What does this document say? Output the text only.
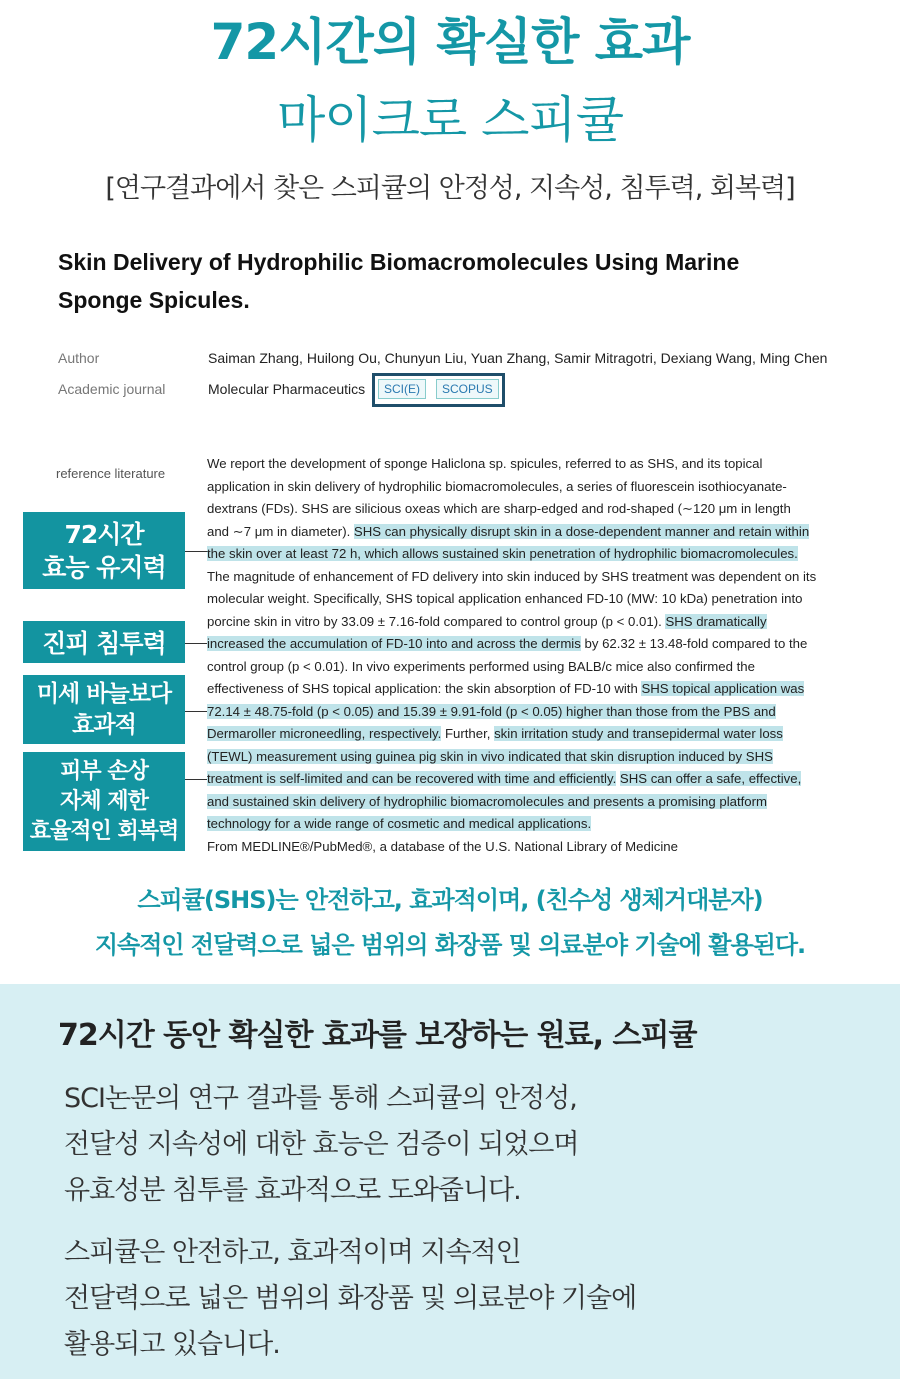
72시간의 확실한 효과
마이크로 스피큘
[연구결과에서 찾은 스피큘의 안정성, 지속성, 침투력, 회복력]
Skin Delivery of Hydrophilic Biomacromolecules Using Marine
Sponge Spicules.
Author	Saiman Zhang, Huilong Ou, Chunyun Liu, Yuan Zhang, Samir Mitragotri, Dexiang Wang, Ming Chen
Academic journal	Molecular Pharmaceutics	SCI(E)	SCOPUS
reference literature
We report the development of sponge Haliclona sp. spicules, referred to as SHS, and its topical
application in skin delivery of hydrophilic biomacromolecules, a series of fluorescein isothiocyanate-
dextrans (FDs). SHS are silicious oxeas which are sharp-edged and rod-shaped (∼120 μm in length
and ∼7 μm in diameter). SHS can physically disrupt skin in a dose-dependent manner and retain within
the skin over at least 72 h, which allows sustained skin penetration of hydrophilic biomacromolecules.
The magnitude of enhancement of FD delivery into skin induced by SHS treatment was dependent on its
molecular weight. Specifically, SHS topical application enhanced FD-10 (MW: 10 kDa) penetration into
porcine skin in vitro by 33.09 ± 7.16-fold compared to control group (p < 0.01). SHS dramatically
increased the accumulation of FD-10 into and across the dermis by 62.32 ± 13.48-fold compared to the
control group (p < 0.01). In vivo experiments performed using BALB/c mice also confirmed the
effectiveness of SHS topical application: the skin absorption of FD-10 with SHS topical application was
72.14 ± 48.75-fold (p < 0.05) and 15.39 ± 9.91-fold (p < 0.05) higher than those from the PBS and
Dermaroller microneedling, respectively. Further, skin irritation study and transepidermal water loss
(TEWL) measurement using guinea pig skin in vivo indicated that skin disruption induced by SHS
treatment is self-limited and can be recovered with time and efficiently. SHS can offer a safe, effective,
and sustained skin delivery of hydrophilic biomacromolecules and presents a promising platform
technology for a wide range of cosmetic and medical applications.
From MEDLINE®/PubMed®, a database of the U.S. National Library of Medicine
72시간
효능 유지력
진피 침투력
미세 바늘보다
효과적
피부 손상
자체 제한
효율적인 회복력
스피큘(SHS)는 안전하고, 효과적이며, (친수성 생체거대분자)
지속적인 전달력으로 넓은 범위의 화장품 및 의료분야 기술에 활용된다.
72시간 동안 확실한 효과를 보장하는 원료, 스피큘
SCI논문의 연구 결과를 통해 스피큘의 안정성,
전달성 지속성에 대한 효능은 검증이 되었으며
유효성분 침투를 효과적으로 도와줍니다.
스피큘은 안전하고, 효과적이며 지속적인
전달력으로 넓은 범위의 화장품 및 의료분야 기술에
활용되고 있습니다.
